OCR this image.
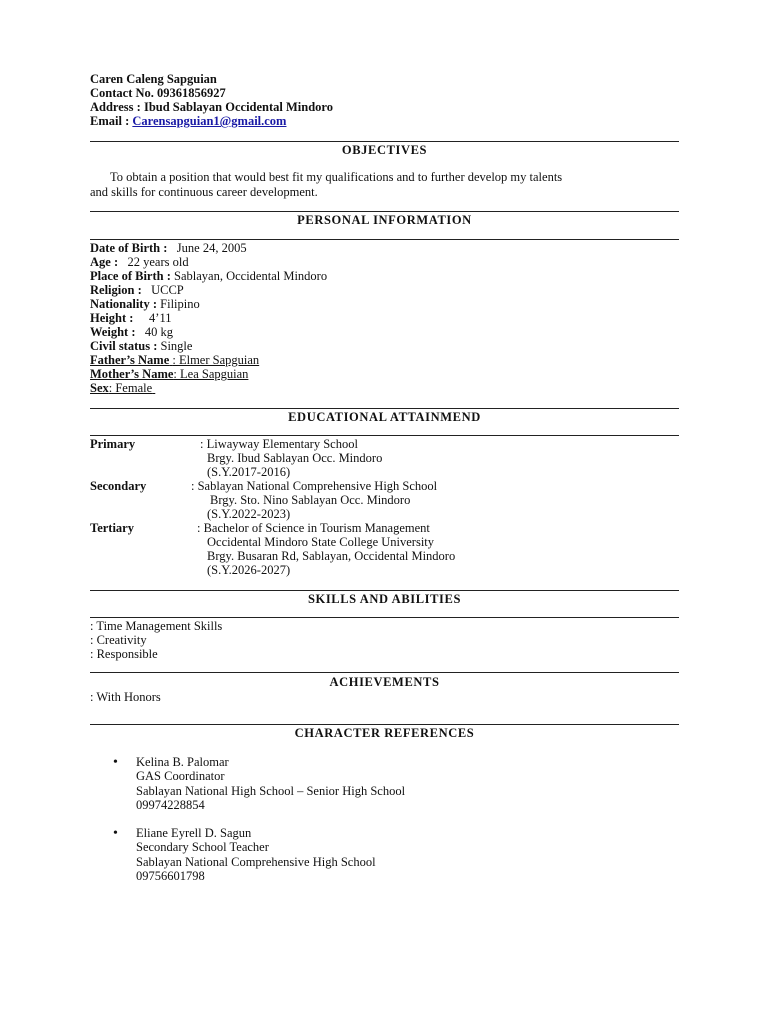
Caren Caleng Sapguian
Contact No. 09361856927
Address : Ibud Sablayan Occidental Mindoro
Email : Carensapguian1@gmail.com
OBJECTIVES
To obtain a position that would best fit my qualifications and to further develop my talents
and skills for continuous career development.
PERSONAL INFORMATION
Date of Birth : June 24, 2005
Age : 22 years old
Place of Birth : Sablayan, Occidental Mindoro
Religion : UCCP
Nationality : Filipino
Height : 4’11
Weight : 40 kg
Civil status : Single
Father’s Name : Elmer Sapguian
Mother’s Name: Lea Sapguian
Sex: Female
EDUCATIONAL ATTAINMEND
Primary	: Liwayway Elementary School
Brgy. Ibud Sablayan Occ. Mindoro
(S.Y.2017-2016)
Secondary	: Sablayan National Comprehensive High School
Brgy. Sto. Nino Sablayan Occ. Mindoro
(S.Y.2022-2023)
Tertiary	: Bachelor of Science in Tourism Management
Occidental Mindoro State College University
Brgy. Busaran Rd, Sablayan, Occidental Mindoro
(S.Y.2026-2027)
SKILLS AND ABILITIES
: Time Management Skills
: Creativity
: Responsible
ACHIEVEMENTS
: With Honors
CHARACTER REFERENCES
• Kelina B. Palomar
GAS Coordinator
Sablayan National High School – Senior High School
09974228854
• Eliane Eyrell D. Sagun
Secondary School Teacher
Sablayan National Comprehensive High School
09756601798
